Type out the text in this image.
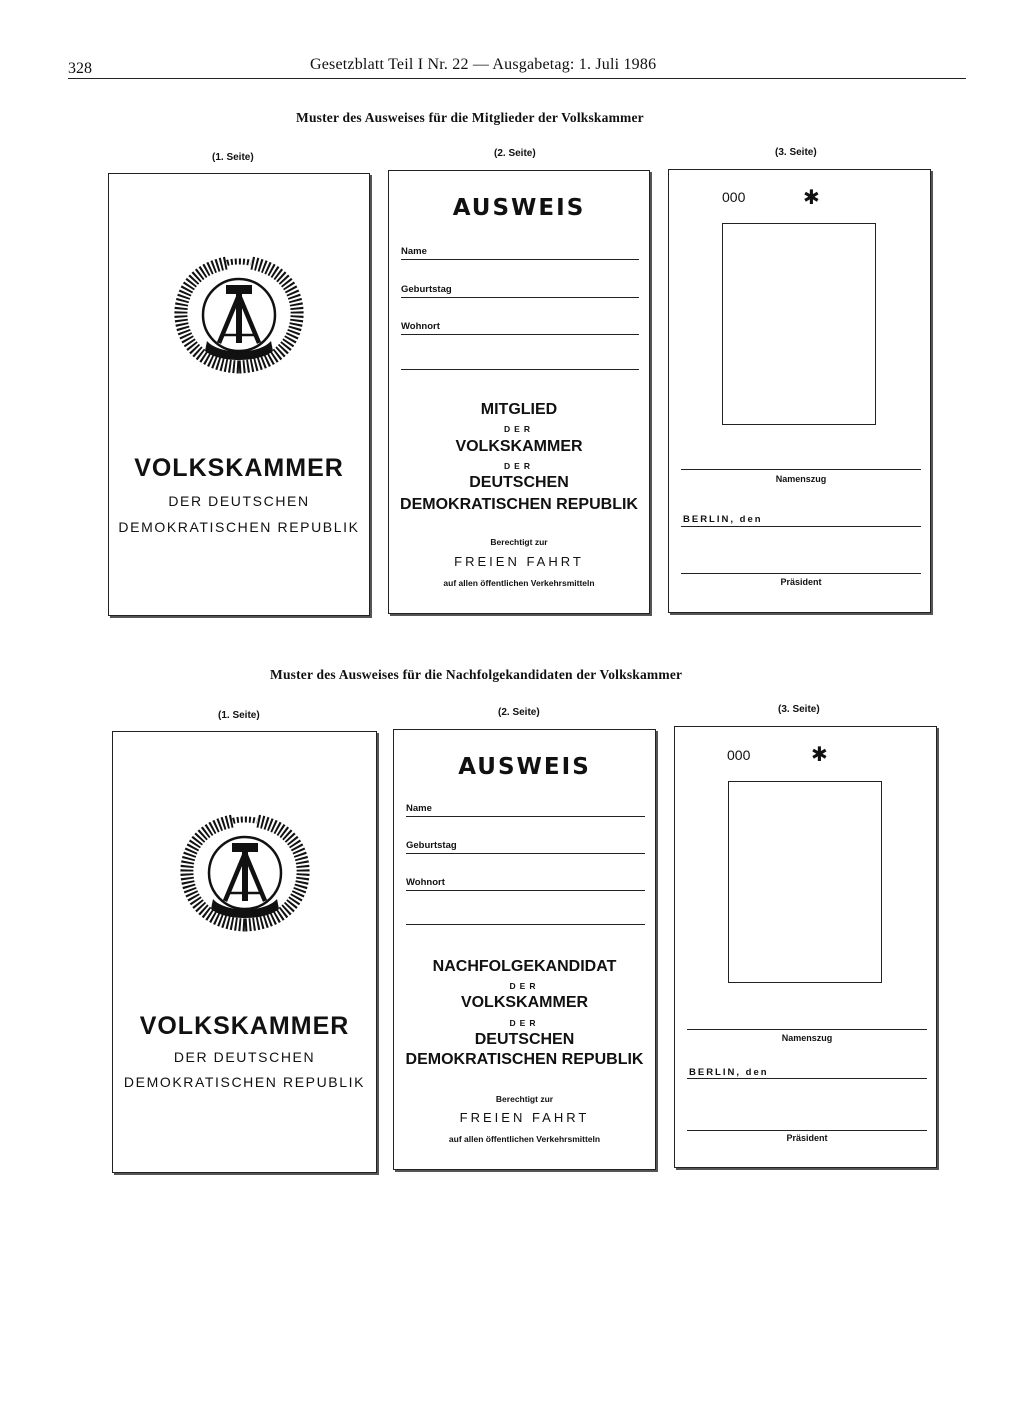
328	Gesetzblatt Teil I Nr. 22 — Ausgabetag: 1. Juli 1986
Muster des Ausweises für die Mitglieder der Volkskammer
(1. Seite)	(2. Seite)	(3. Seite)
VOLKSKAMMER
DER DEUTSCHEN
DEMOKRATISCHEN REPUBLIK
AUSWEIS
Name
Geburtstag
Wohnort
MITGLIED
DER
VOLKSKAMMER
DER
DEUTSCHEN
DEMOKRATISCHEN REPUBLIK
Berechtigt zur
FREIEN FAHRT
auf allen öffentlichen Verkehrsmitteln
000	✱
Namenszug
BERLIN, den
Präsident
Muster des Ausweises für die Nachfolgekandidaten der Volkskammer
(1. Seite)	(2. Seite)	(3. Seite)
VOLKSKAMMER
DER DEUTSCHEN
DEMOKRATISCHEN REPUBLIK
AUSWEIS
Name
Geburtstag
Wohnort
NACHFOLGEKANDIDAT
DER
VOLKSKAMMER
DER
DEUTSCHEN
DEMOKRATISCHEN REPUBLIK
Berechtigt zur
FREIEN FAHRT
auf allen öffentlichen Verkehrsmitteln
000	✱
Namenszug
BERLIN, den
Präsident
